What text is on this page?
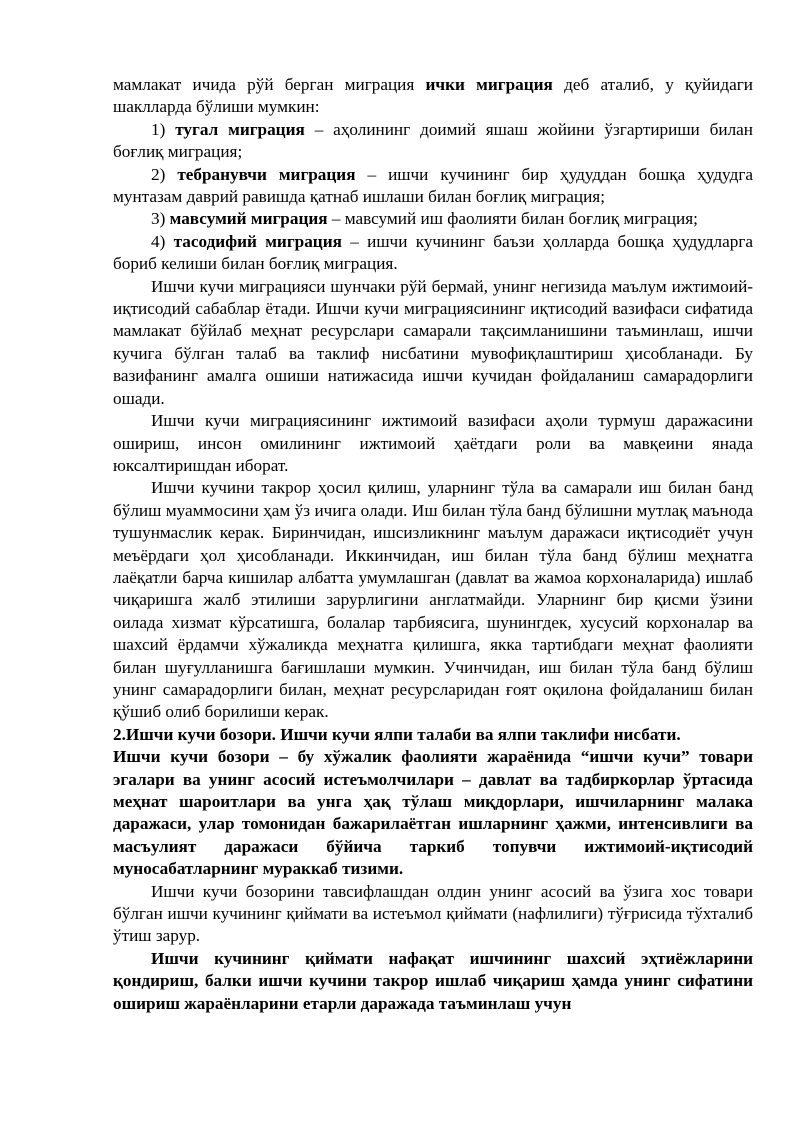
мамлакат ичида рўй берган миграция ички миграция деб аталиб, у қуйидаги шаклларда бўлиши мумкин:

1) тугал миграция – аҳолининг доимий яшаш жойини ўзгартириши билан боғлиқ миграция;

2) тебранувчи миграция – ишчи кучининг бир ҳудуддан бошқа ҳудудга мунтазам даврий равишда қатнаб ишлаши билан боғлиқ миграция;

3) мавсумий миграция – мавсумий иш фаолияти билан боғлиқ миграция;

4) тасодифий миграция – ишчи кучининг баъзи ҳолларда бошқа ҳудудларга бориб келиши билан боғлиқ миграция.

Ишчи кучи миграцияси шунчаки рўй бермай, унинг негизида маълум ижтимоий-иқтисодий сабаблар ётади. Ишчи кучи миграциясининг иқтисодий вазифаси сифатида мамлакат бўйлаб меҳнат ресурслари самарали тақсимланишини таъминлаш, ишчи кучига бўлган талаб ва таклиф нисбатини мувофиқлаштириш ҳисобланади. Бу вазифанинг амалга ошиши натижасида ишчи кучидан фойдаланиш самарадорлиги ошади.

Ишчи кучи миграциясининг ижтимоий вазифаси аҳоли турмуш даражасини ошириш, инсон омилининг ижтимоий ҳаётдаги роли ва мавқеини янада юксалтиришдан иборат.

Ишчи кучини такрор ҳосил қилиш, уларнинг тўла ва самарали иш билан банд бўлиш муаммосини ҳам ўз ичига олади. Иш билан тўла банд бўлишни мутлақ маънода тушунмаслик керак. Биринчидан, ишсизликнинг маълум даражаси иқтисодиёт учун меъёрдаги ҳол ҳисобланади. Иккинчидан, иш билан тўла банд бўлиш меҳнатга лаёқатли барча кишилар албатта умумлашган (давлат ва жамоа корхоналарида) ишлаб чиқаришга жалб этилиши зарурлигини англатмайди. Уларнинг бир қисми ўзини оилада хизмат кўрсатишга, болалар тарбиясига, шунингдек, хусусий корхоналар ва шахсий ёрдамчи хўжаликда меҳнатга қилишга, якка тартибдаги меҳнат фаолияти билан шуғулланишга бағишлаши мумкин. Учинчидан, иш билан тўла банд бўлиш унинг самарадорлиги билан, меҳнат ресурсларидан ғоят оқилона фойдаланиш билан қўшиб олиб борилиши керак.

2.Ишчи кучи бозори. Ишчи кучи ялпи талаби ва ялпи таклифи нисбати.

Ишчи кучи бозори – бу хўжалик фаолияти жараёнида “ишчи кучи” товари эгалари ва унинг асосий истеъмолчилари – давлат ва тадбиркорлар ўртасида меҳнат шароитлари ва унга ҳақ тўлаш миқдорлари, ишчиларнинг малака даражаси, улар томонидан бажарилаётган ишларнинг ҳажми, интенсивлиги ва масъулият даражаси бўйича таркиб топувчи ижтимоий-иқтисодий муносабатларнинг мураккаб тизими.

Ишчи кучи бозорини тавсифлашдан олдин унинг асосий ва ўзига хос товари бўлган ишчи кучининг қиймати ва истеъмол қиймати (нафлилиги) тўғрисида тўхталиб ўтиш зарур.

Ишчи кучининг қиймати нафақат ишчининг шахсий эҳтиёжларини қондириш, балки ишчи кучини такрор ишлаб чиқариш ҳамда унинг сифатини ошириш жараёнларини етарли даражада таъминлаш учун
